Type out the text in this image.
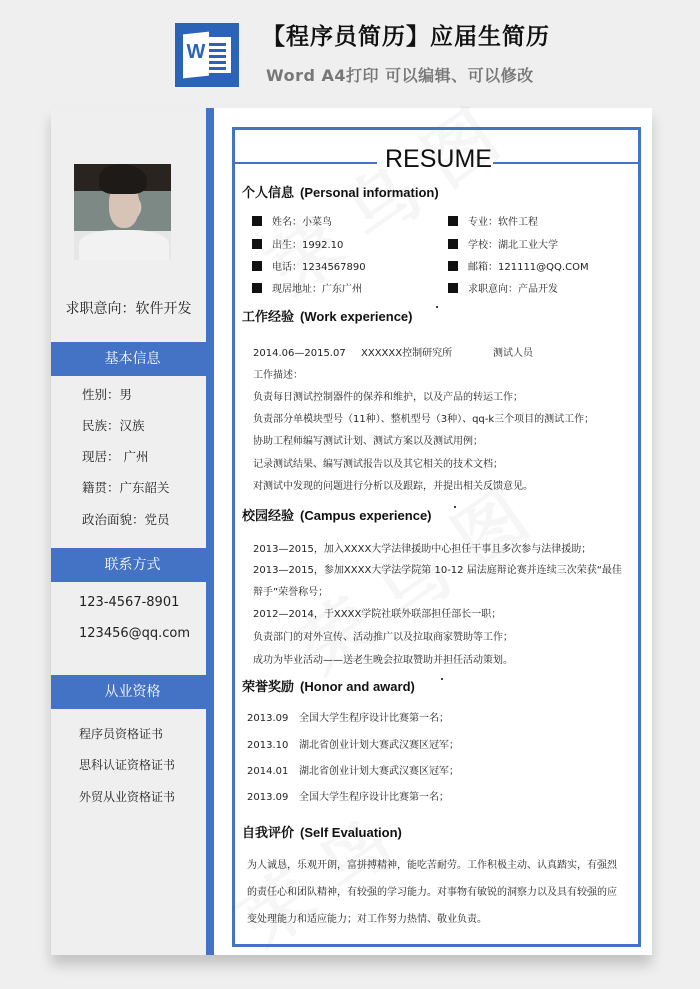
W
【程序员简历】应届生简历
Word A4打印 可以编辑、可以修改
求职意向：软件开发
基本信息
性别：男
民族：汉族
现居： 广州
籍贯：广东韶关
政治面貌：党员
联系方式
123-4567-8901
123456@qq.com
从业资格
程序员资格证书
思科认证资格证书
外贸从业资格证书
RESUME
个人信息 (Personal information)
姓名：小菜鸟
出生：1992.10
电话：1234567890
现居地址：广东广州
专业：软件工程
学校：湖北工业大学
邮箱：121111@QQ.COM
求职意向：产品开发
工作经验 (Work experience)
2014.06—2015.07 XXXXXX控制研究所	测试人员
工作描述：
负责每日测试控制器件的保养和维护，以及产品的转运工作；
负责部分单模块型号（11种）、整机型号（3种）、qq-k三个项目的测试工作；
协助工程师编写测试计划、测试方案以及测试用例；
记录测试结果、编写测试报告以及其它相关的技术文档；
对测试中发现的问题进行分析以及跟踪，并提出相关反馈意见。
校园经验 (Campus experience)
2013—2015，加入XXXX大学法律援助中心担任干事且多次参与法律援助；
2013—2015，参加XXXX大学法学院第 10-12 届法庭辩论赛并连续三次荣获“最佳
辩手”荣誉称号；
2012—2014，于XXXX学院社联外联部担任部长一职；
负责部门的对外宣传、活动推广以及拉取商家赞助等工作；
成功为毕业活动——送老生晚会拉取赞助并担任活动策划。
荣誉奖励 (Honor and award)
2013.09 全国大学生程序设计比赛第一名；
2013.10 湖北省创业计划大赛武汉赛区冠军；
2014.01 湖北省创业计划大赛武汉赛区冠军；
2013.09 全国大学生程序设计比赛第一名；
自我评价 (Self Evaluation)
为人诚恳，乐观开朗，富拼搏精神，能吃苦耐劳。工作积极主动、认真踏实，有强烈
的责任心和团队精神，有较强的学习能力。对事物有敏锐的洞察力以及具有较强的应
变处理能力和适应能力；对工作努力热情、敬业负责。
